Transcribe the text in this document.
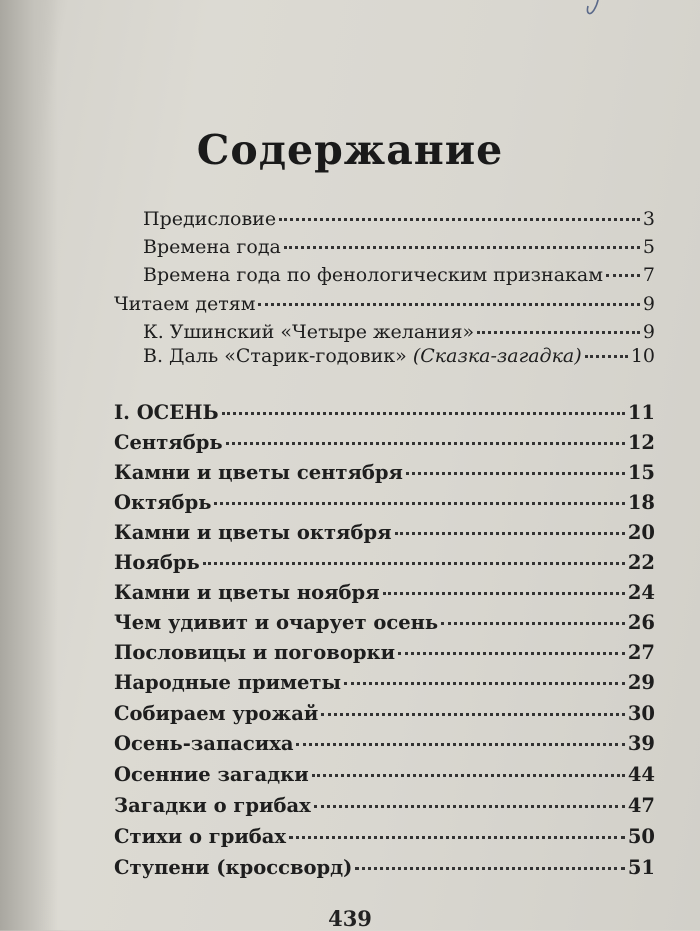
Содержание
Предисловие	3
Времена года	5
Времена года по фенологическим признакам 7
Читаем детям	9
К. Ушинский «Четыре желания»	9
В. Даль «Старик-годовик» (Сказка-загадка)	10
I. ОСЕНЬ	11
Сентябрь	12
Камни и цветы сентября	15
Октябрь	18
Камни и цветы октября	20
Ноябрь	22
Камни и цветы ноября	24
Чем удивит и очарует осень	26
Пословицы и поговорки	27
Народные приметы	29
Собираем урожай	30
Осень-запасиха	39
Осенние загадки	44
Загадки о грибах	47
Стихи о грибах	50
Ступени (кроссворд)	51
439
